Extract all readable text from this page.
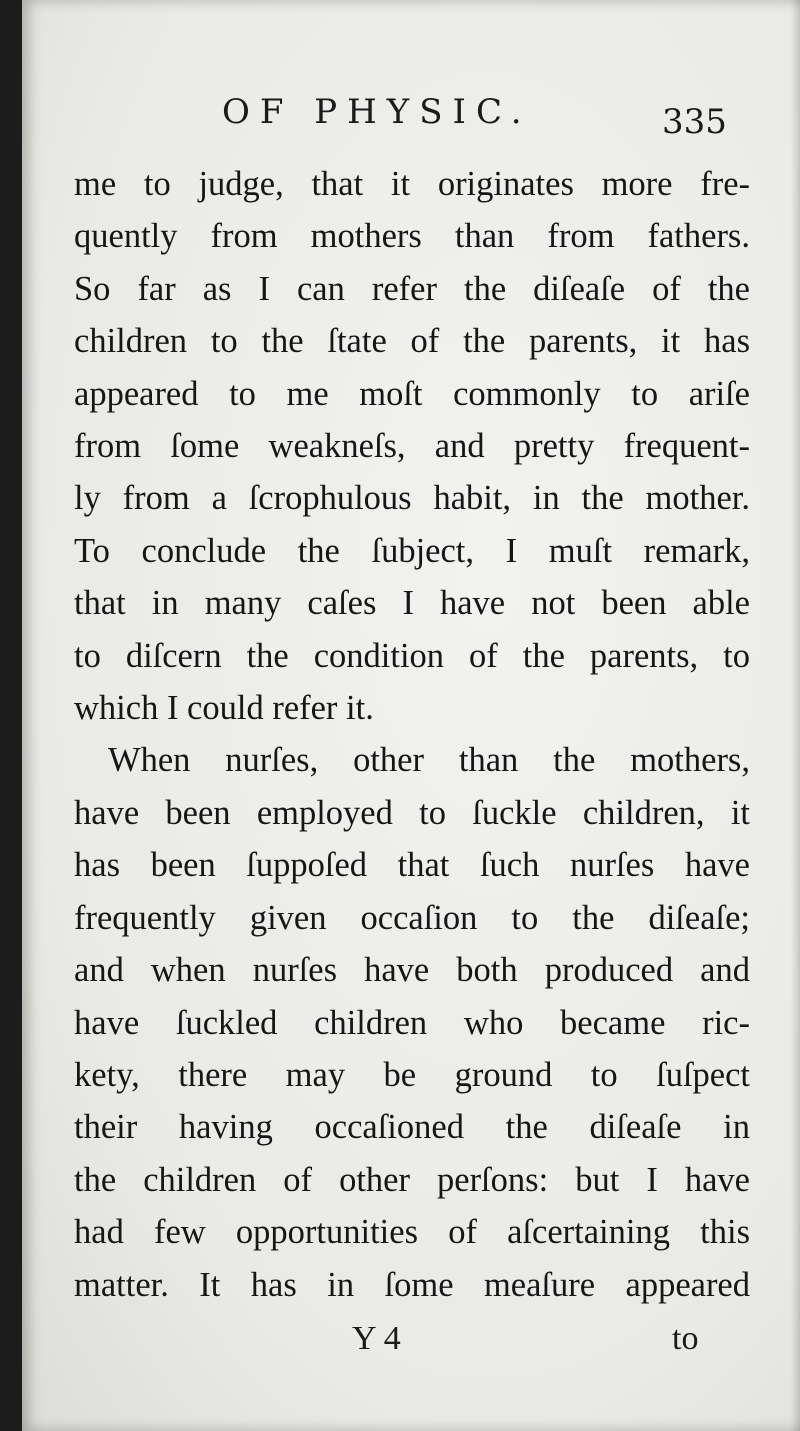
OF PHYSIC.	335
me to judge, that it originates more fre-
quently from mothers than from fathers.
So far as I can refer the diſeaſe of the
children to the ſtate of the parents, it has
appeared to me moſt commonly to ariſe
from ſome weakneſs, and pretty frequent-
ly from a ſcrophulous habit, in the mother.
To conclude the ſubject, I muſt remark,
that in many caſes I have not been able
to diſcern the condition of the parents, to
which I could refer it.
When nurſes, other than the mothers,
have been employed to ſuckle children, it
has been ſuppoſed that ſuch nurſes have
frequently given occaſion to the diſeaſe;
and when nurſes have both produced and
have ſuckled children who became ric-
kety, there may be ground to ſuſpect
their having occaſioned the diſeaſe in
the children of other perſons: but I have
had few opportunities of aſcertaining this
matter. It has in ſome meaſure appeared
Y 4	to
